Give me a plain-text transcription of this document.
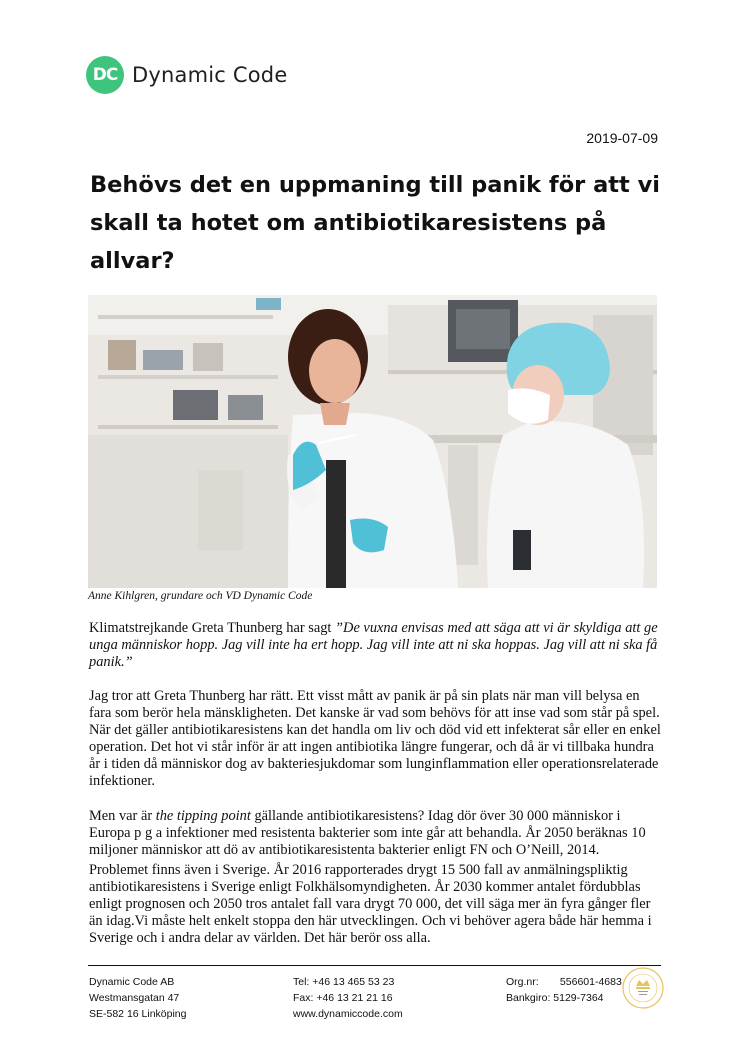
DC Dynamic Code
2019-07-09
Behövs det en uppmaning till panik för att vi skall ta hotet om antibiotikaresistens på allvar?
Anne Kihlgren, grundare och VD Dynamic Code

Klimatstrejkande Greta Thunberg har sagt ”De vuxna envisas med att säga att vi är skyldiga att ge unga människor hopp. Jag vill inte ha ert hopp. Jag vill inte att ni ska hoppas. Jag vill att ni ska få panik.”

Jag tror att Greta Thunberg har rätt. Ett visst mått av panik är på sin plats när man vill belysa en fara som berör hela mänskligheten. Det kanske är vad som behövs för att inse vad som står på spel. När det gäller antibiotikaresistens kan det handla om liv och död vid ett infekterat sår eller en enkel operation. Det hot vi står inför är att ingen antibiotika längre fungerar, och då är vi tillbaka hundra år i tiden då människor dog av bakteriesjukdomar som lunginflammation eller operationsrelaterade infektioner.

Men var är the tipping point gällande antibiotikaresistens? Idag dör över 30 000 människor i Europa p g a infektioner med resistenta bakterier som inte går att behandla. År 2050 beräknas 10 miljoner människor att dö av antibiotikaresistenta bakterier enligt FN och O’Neill, 2014.

Problemet finns även i Sverige. År 2016 rapporterades drygt 15 500 fall av anmälningspliktig antibiotikaresistens i Sverige enligt Folkhälsomyndigheten. År 2030 kommer antalet fördubblas enligt prognosen och 2050 tros antalet fall vara drygt 70 000, det vill säga mer än fyra gånger fler än idag.Vi måste helt enkelt stoppa den här utvecklingen. Och vi behöver agera både här hemma i Sverige och i andra delar av världen. Det här berör oss alla.

Dynamic Code AB
Westmansgatan 47
SE-582 16 Linköping
Tel: +46 13 465 53 23
Fax: +46 13 21 21 16
www.dynamiccode.com
Org.nr: 556601-4683
Bankgiro: 5129-7364
